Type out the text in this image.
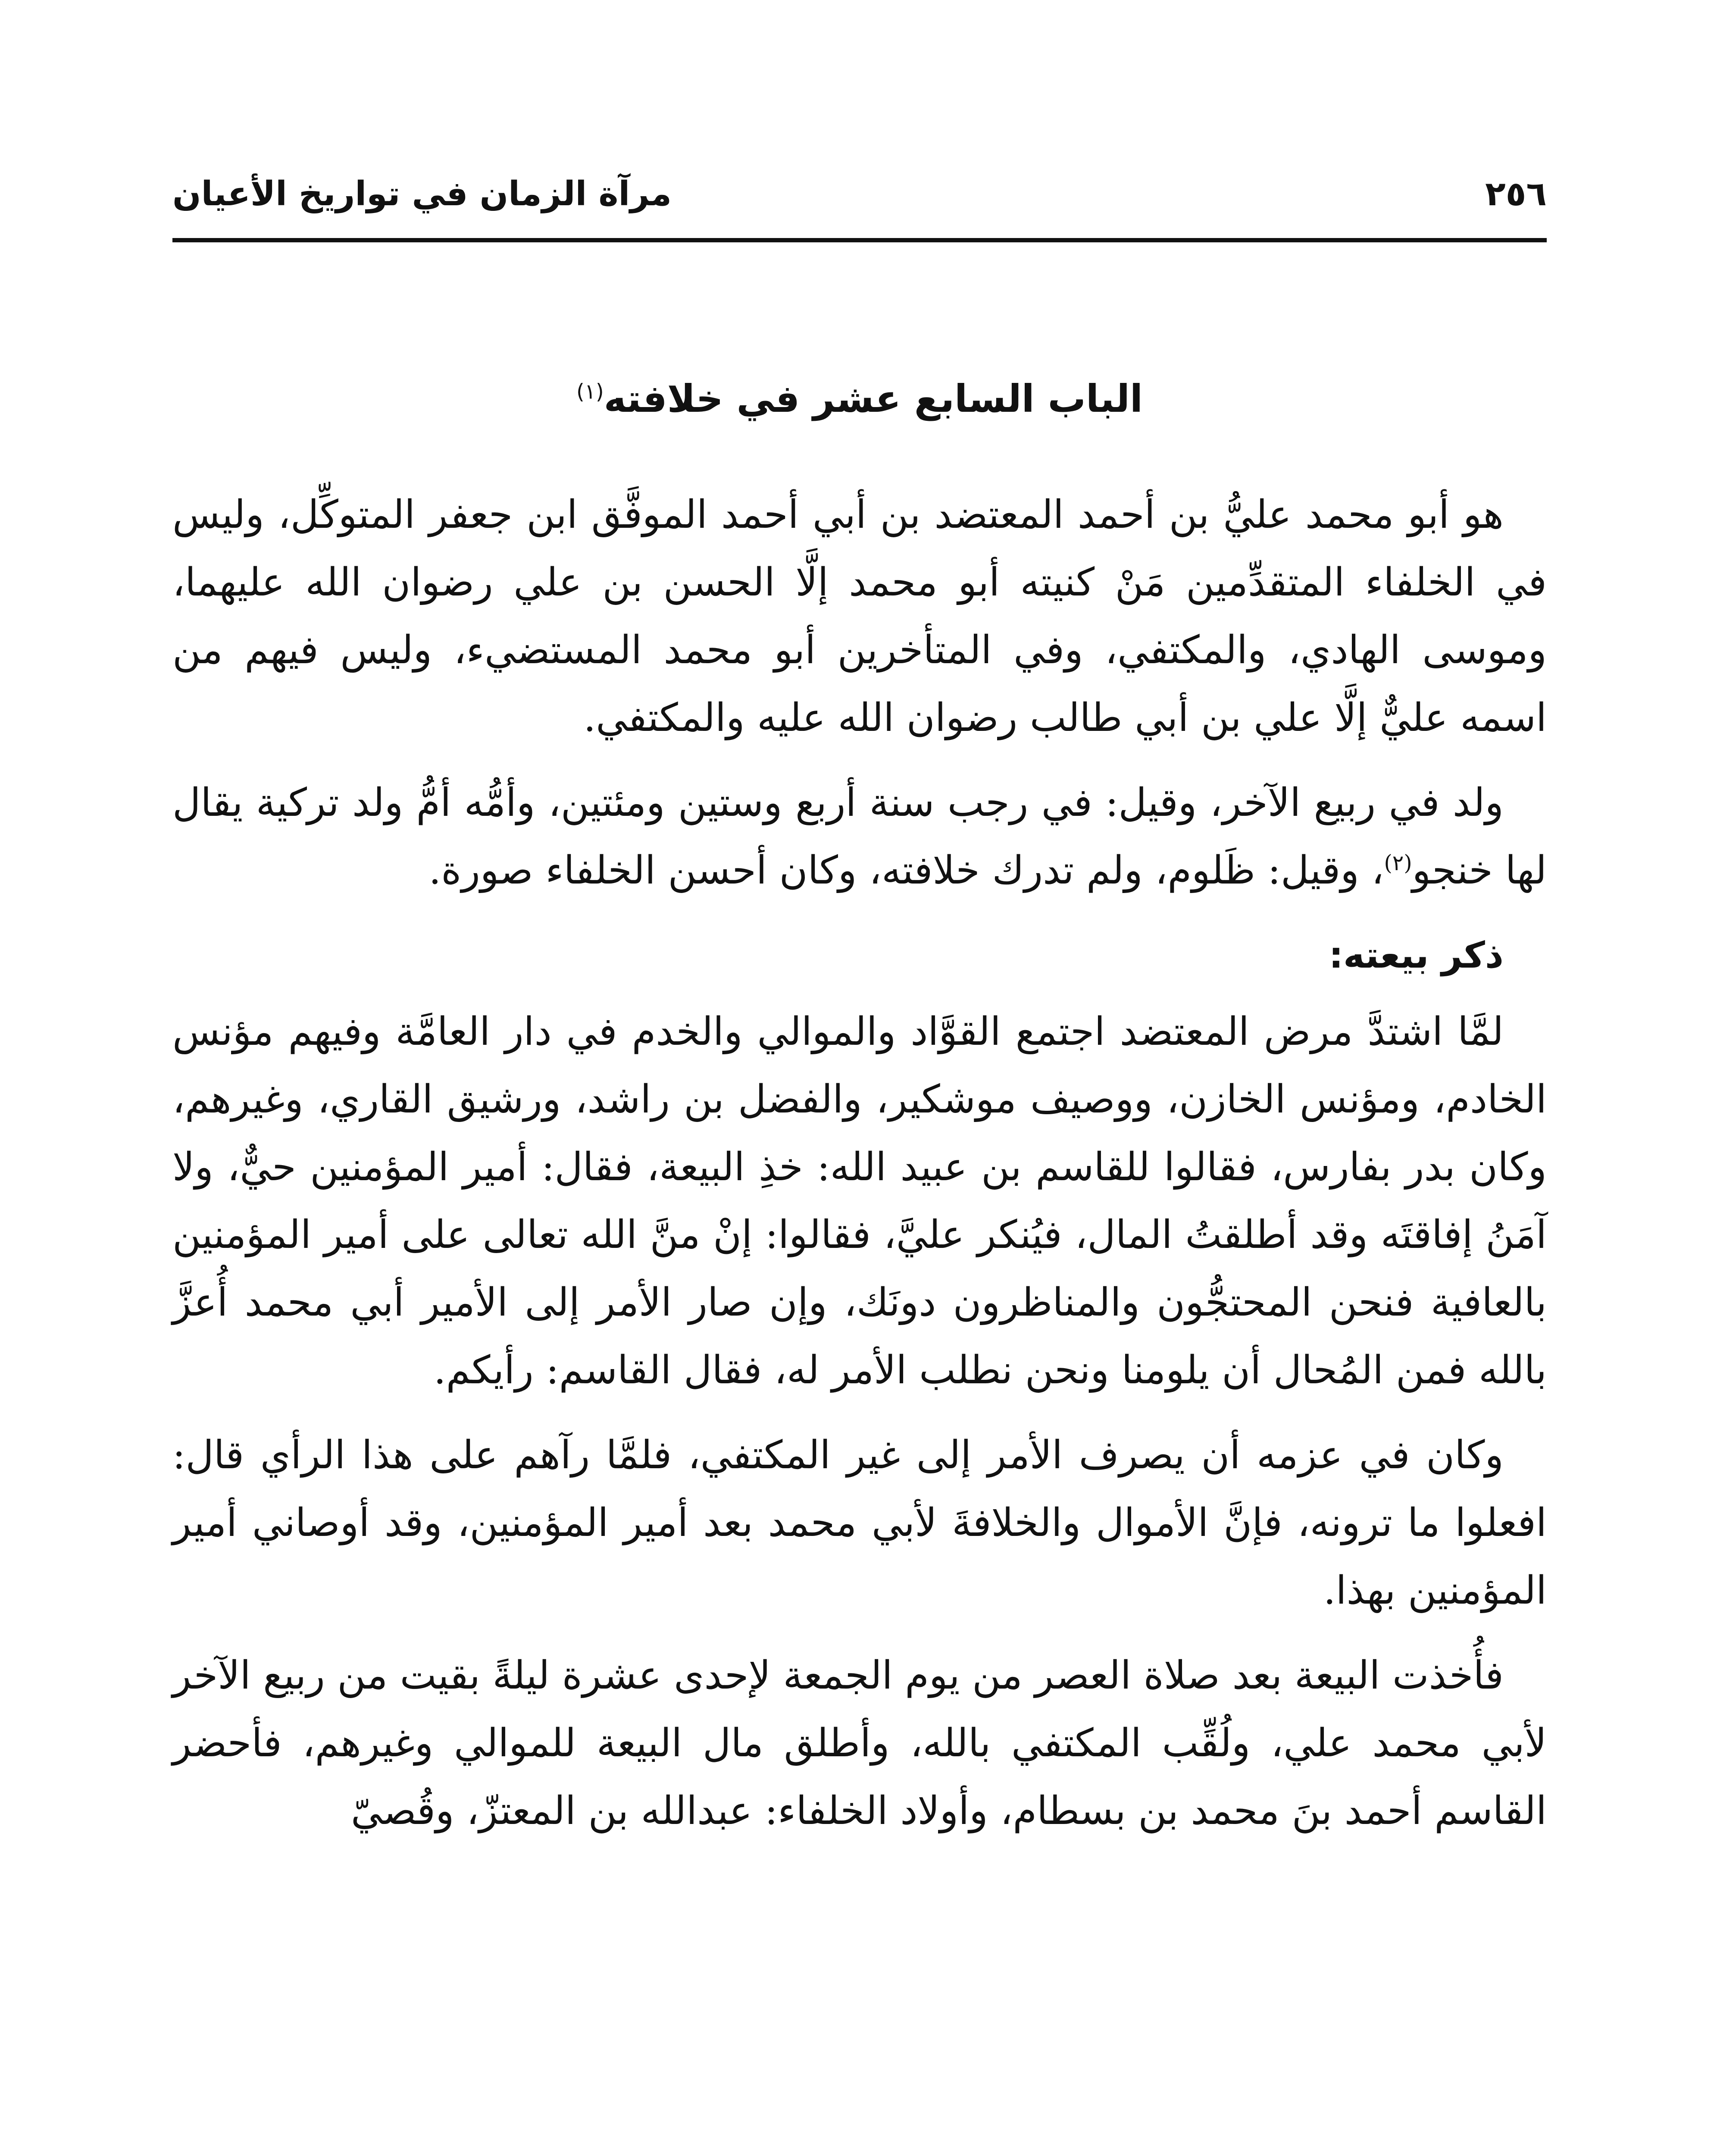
٢٥٦
مرآة الزمان في تواريخ الأعيان
الباب السابع عشر في خلافته$^{(١)}$

هو أبو محمد عليُّ بن أحمد المعتضد بن أبي أحمد الموفَّق ابن جعفر المتوكِّل، وليس في الخلفاء المتقدِّمين مَنْ كنيته أبو محمد إلَّا الحسن بن علي رضوان الله عليهما، وموسى الهادي، والمكتفي، وفي المتأخرين أبو محمد المستضيء، وليس فيهم من اسمه عليٌّ إلَّا علي بن أبي طالب رضوان الله عليه والمكتفي.

ولد في ربيع الآخر، وقيل: في رجب سنة أربع وستين ومئتين، وأمُّه أمُّ ولد تركية يقال لها خنجو$^{(٢)}$، وقيل: ظَلوم، ولم تدرك خلافته، وكان أحسن الخلفاء صورة.

ذكر بيعته:

لمَّا اشتدَّ مرض المعتضد اجتمع القوَّاد والموالي والخدم في دار العامَّة وفيهم مؤنس الخادم، ومؤنس الخازن، ووصيف موشكير، والفضل بن راشد، ورشيق القاري، وغيرهم، وكان بدر بفارس، فقالوا للقاسم بن عبيد الله: خذِ البيعة، فقال: أمير المؤمنين حيٌّ، ولا آمَنُ إفاقتَه وقد أطلقتُ المال، فيُنكر عليَّ، فقالوا: إنْ منَّ الله تعالى على أمير المؤمنين بالعافية فنحن المحتجُّون والمناظرون دونَك، وإن صار الأمر إلى الأمير أبي محمد أُعزَّ بالله فمن المُحال أن يلومنا ونحن نطلب الأمر له، فقال القاسم: رأيكم.

وكان في عزمه أن يصرف الأمر إلى غير المكتفي، فلمَّا رآهم على هذا الرأي قال: افعلوا ما ترونه، فإنَّ الأموال والخلافةَ لأبي محمد بعد أمير المؤمنين، وقد أوصاني أمير المؤمنين بهذا.

فأُخذت البيعة بعد صلاة العصر من يوم الجمعة لإحدى عشرة ليلةً بقيت من ربيع الآخر لأبي محمد علي، ولُقِّب المكتفي بالله، وأطلق مال البيعة للموالي وغيرهم، فأحضر القاسم أحمد بنَ محمد بن بسطام، وأولاد الخلفاء: عبدالله بن المعتزّ، وقُصيّ
